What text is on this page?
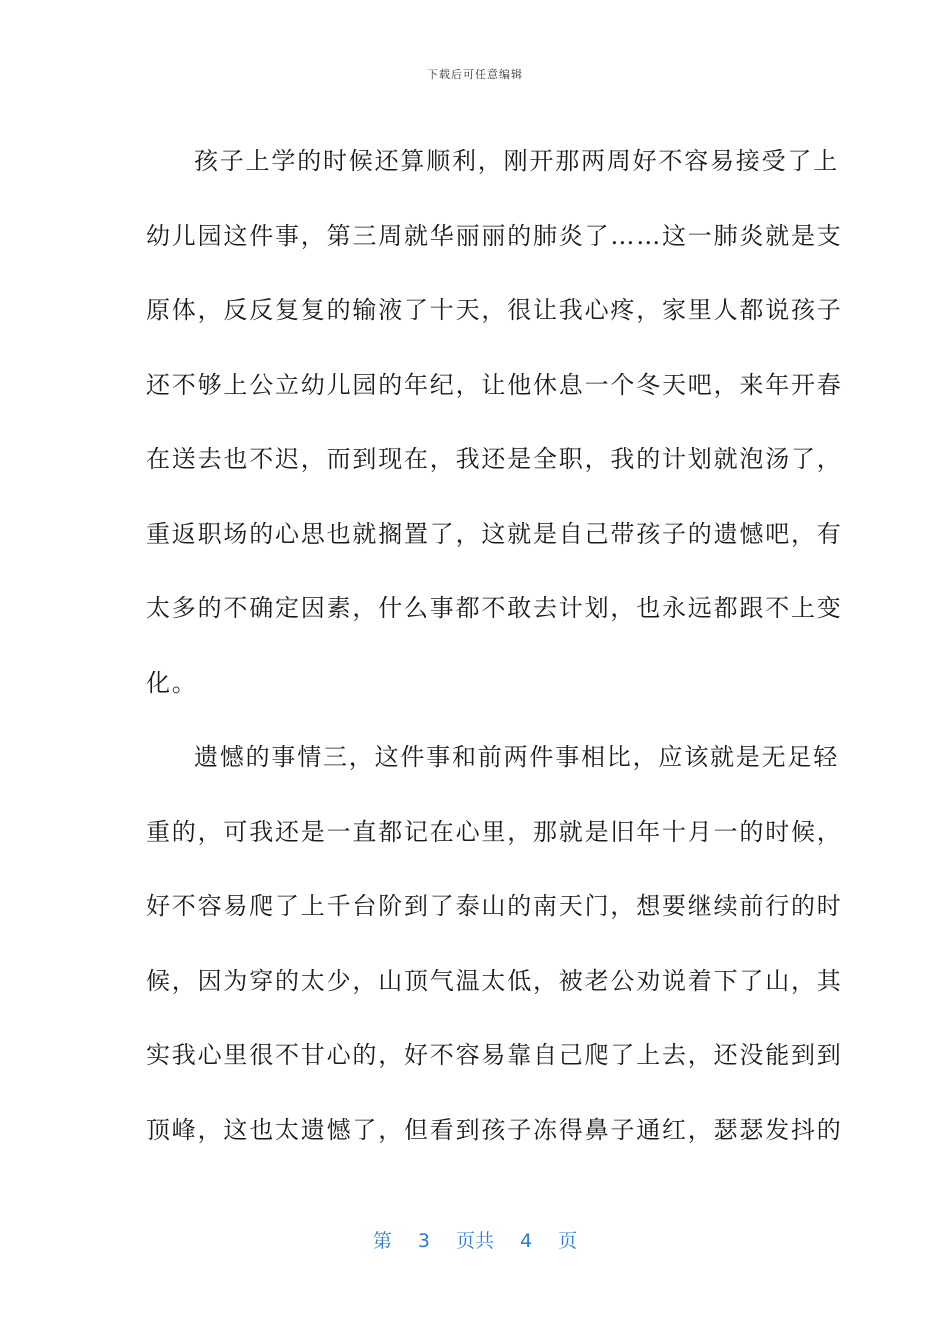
下载后可任意编辑
孩子上学的时候还算顺利，刚开那两周好不容易接受了上
幼儿园这件事，第三周就华丽丽的肺炎了……这一肺炎就是支
原体，反反复复的输液了十天，很让我心疼，家里人都说孩子
还不够上公立幼儿园的年纪，让他休息一个冬天吧，来年开春
在送去也不迟，而到现在，我还是全职，我的计划就泡汤了，
重返职场的心思也就搁置了，这就是自己带孩子的遗憾吧，有
太多的不确定因素，什么事都不敢去计划，也永远都跟不上变
化。
遗憾的事情三，这件事和前两件事相比，应该就是无足轻
重的，可我还是一直都记在心里，那就是旧年十月一的时候，
好不容易爬了上千台阶到了泰山的南天门，想要继续前行的时
候，因为穿的太少，山顶气温太低，被老公劝说着下了山，其
实我心里很不甘心的，好不容易靠自己爬了上去，还没能到到
顶峰，这也太遗憾了，但看到孩子冻得鼻子通红，瑟瑟发抖的
第 3 页共 4 页
